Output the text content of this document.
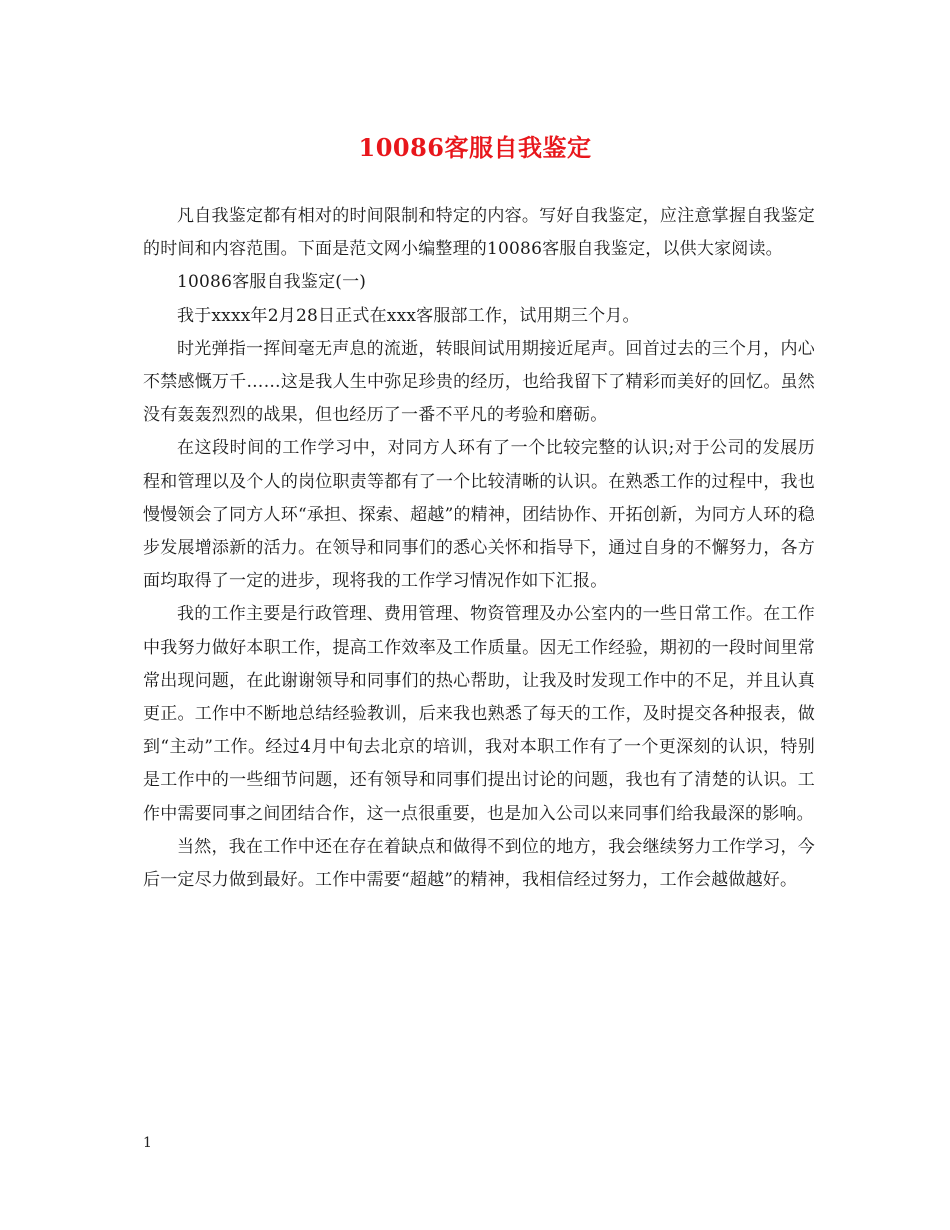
10086客服自我鉴定

凡自我鉴定都有相对的时间限制和特定的内容。写好自我鉴定，应注意掌握自我鉴定的时间和内容范围。下面是范文网小编整理的10086客服自我鉴定，以供大家阅读。

10086客服自我鉴定(一)

我于xxxx年2月28日正式在xxx客服部工作，试用期三个月。

时光弹指一挥间毫无声息的流逝，转眼间试用期接近尾声。回首过去的三个月，内心不禁感慨万千……这是我人生中弥足珍贵的经历，也给我留下了精彩而美好的回忆。虽然没有轰轰烈烈的战果，但也经历了一番不平凡的考验和磨砺。

在这段时间的工作学习中，对同方人环有了一个比较完整的认识;对于公司的发展历程和管理以及个人的岗位职责等都有了一个比较清晰的认识。在熟悉工作的过程中，我也慢慢领会了同方人环“承担、探索、超越”的精神，团结协作、开拓创新，为同方人环的稳步发展增添新的活力。在领导和同事们的悉心关怀和指导下，通过自身的不懈努力，各方面均取得了一定的进步，现将我的工作学习情况作如下汇报。

我的工作主要是行政管理、费用管理、物资管理及办公室内的一些日常工作。在工作中我努力做好本职工作，提高工作效率及工作质量。因无工作经验，期初的一段时间里常常出现问题，在此谢谢领导和同事们的热心帮助，让我及时发现工作中的不足，并且认真更正。工作中不断地总结经验教训，后来我也熟悉了每天的工作，及时提交各种报表，做到“主动”工作。经过4月中旬去北京的培训，我对本职工作有了一个更深刻的认识，特别是工作中的一些细节问题，还有领导和同事们提出讨论的问题，我也有了清楚的认识。工作中需要同事之间团结合作，这一点很重要，也是加入公司以来同事们给我最深的影响。

当然，我在工作中还在存在着缺点和做得不到位的地方，我会继续努力工作学习，今后一定尽力做到最好。工作中需要“超越”的精神，我相信经过努力，工作会越做越好。

1
